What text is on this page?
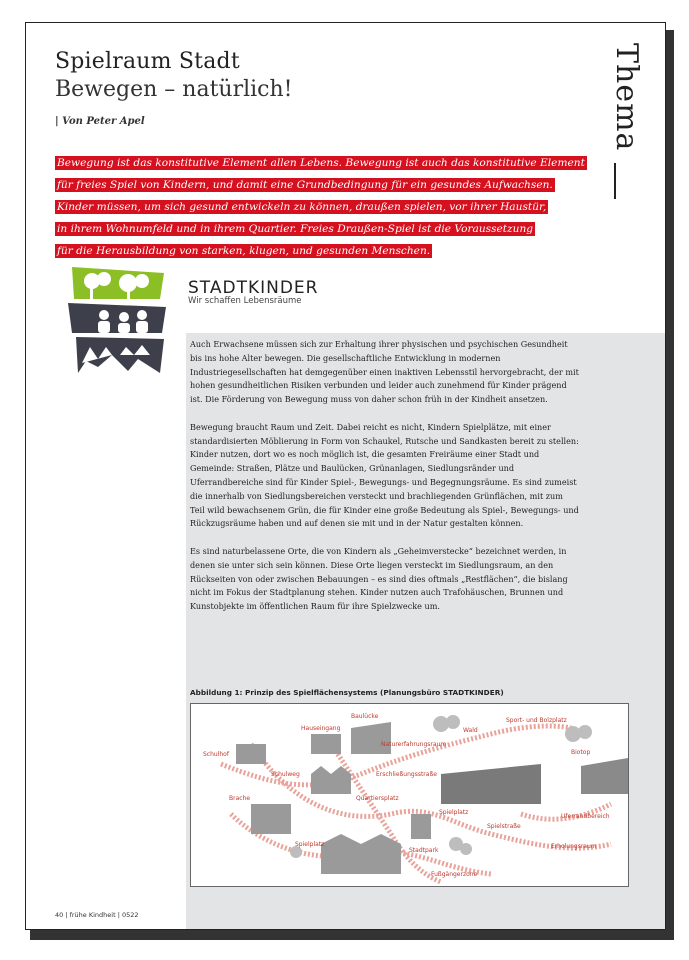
Spielraum Stadt
Bewegen – natürlich!
| Von Peter Apel	Thema
Bewegung ist das konstitutive Element allen Lebens. Bewegung ist auch das konstitutive Element
für freies Spiel von Kindern, und damit eine Grundbedingung für ein gesundes Aufwachsen.
Kinder müssen, um sich gesund entwickeln zu können, draußen spielen, vor ihrer Haustür,
in ihrem Wohnumfeld und in ihrem Quartier. Freies Draußen-Spiel ist die Voraussetzung
für die Herausbildung von starken, klugen, und gesunden Menschen.
STADTKINDER
Wir schaffen Lebensräume

Auch Erwachsene müssen sich zur Erhaltung ihrer physischen und psychischen Gesundheit bis ins hohe Alter bewegen. Die gesellschaftliche Entwicklung in modernen Industriegesellschaften hat demgegenüber einen inaktiven Lebensstil hervorgebracht, der mit hohen gesundheitlichen Risiken verbunden und leider auch zunehmend für Kinder prägend ist. Die Förderung von Bewegung muss von daher schon früh in der Kindheit ansetzen.

Bewegung braucht Raum und Zeit. Dabei reicht es nicht, Kindern Spielplätze, mit einer standardisierten Möblierung in Form von Schaukel, Rutsche und Sandkasten bereit zu stellen: Kinder nutzen, dort wo es noch möglich ist, die gesamten Freiräume einer Stadt und Gemeinde: Straßen, Plätze und Baulücken, Grünanlagen, Siedlungsränder und Uferrandbereiche sind für Kinder Spiel-, Bewegungs- und Begegnungsräume. Es sind zumeist die innerhalb von Siedlungsbereichen versteckt und brachliegenden Grünflächen, mit zum Teil wild bewachsenem Grün, die für Kinder eine große Bedeutung als Spiel-, Bewegungs- und Rückzugsräume haben und auf denen sie mit und in der Natur gestalten können.

Es sind naturbelassene Orte, die von Kindern als „Geheimverstecke“ bezeichnet werden, in denen sie unter sich sein können. Diese Orte liegen versteckt im Siedlungsraum, an den Rückseiten von oder zwischen Bebauungen – es sind dies oftmals „Restflächen“, die bislang nicht im Fokus der Stadtplanung stehen. Kinder nutzen auch Trafohäuschen, Brunnen und Kunstobjekte im öffentlichen Raum für ihre Spielzwecke um.

Abbildung 1: Prinzip des Spielflächensystems (Planungsbüro STADTKINDER)
Baulücke
Hauseingang
Naturerfahrungsraum
Wald
Sport- und Bolzplatz
Biotop
Schulhof
Schulweg	Erschließungsstraße
Brache	Quartiersplatz
Spielplatz
Spielstraße
Spielplatz
Stadtpark
Uferrandbereich
Erholungsraum
Fußgängerzone
40 | frühe Kindheit | 0522
